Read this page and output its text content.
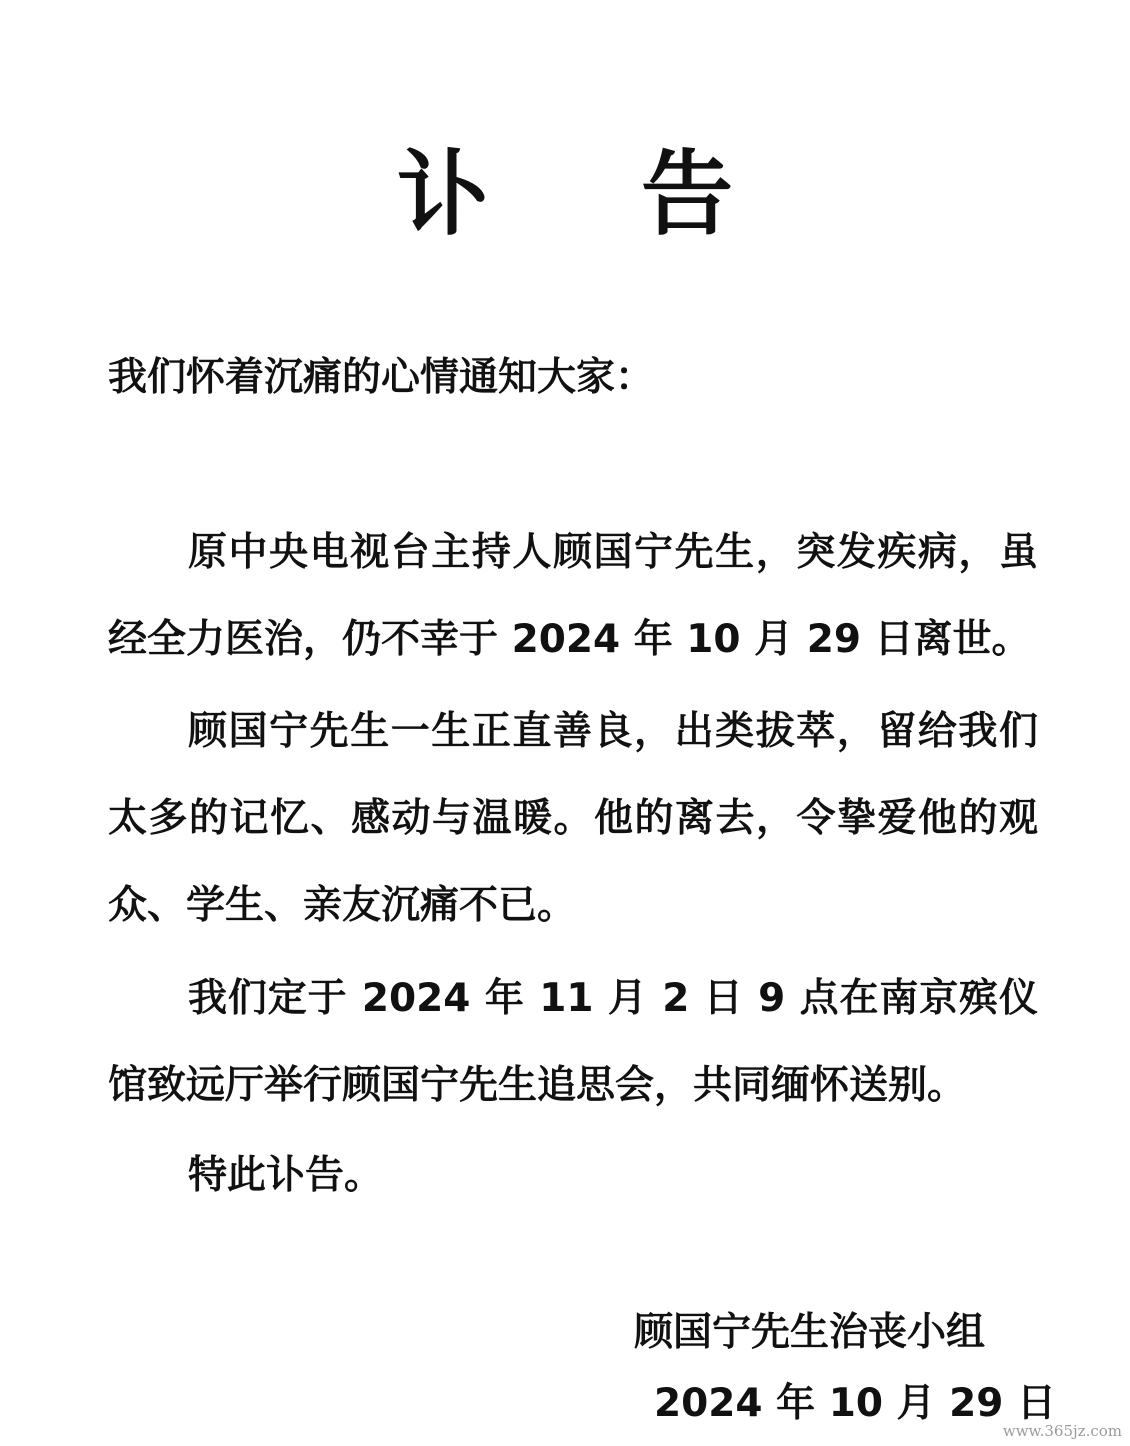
讣 告
我们怀着沉痛的心情通知大家：
原中央电视台主持人顾国宁先生，突发疾病，虽经全力医治，仍不幸于 2024 年 10 月 29 日离世。
顾国宁先生一生正直善良，出类拔萃，留给我们太多的记忆、感动与温暖。他的离去，令挚爱他的观众、学生、亲友沉痛不已。
我们定于 2024 年 11 月 2 日 9 点在南京殡仪馆致远厅举行顾国宁先生追思会，共同缅怀送别。
特此讣告。
顾国宁先生治丧小组
2024 年 10 月 29 日
www.365jz.com
